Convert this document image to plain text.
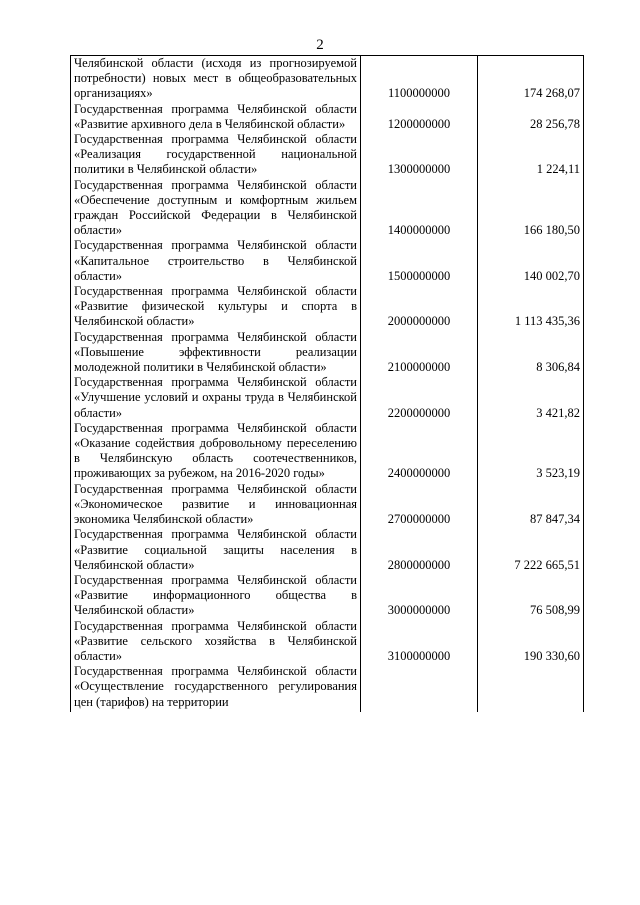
2
Челябинской области (исходя из прогнозируемой потребности) новых мест в общеобразовательных организациях»	1100000000	174 268,07
Государственная программа Челябинской области «Развитие архивного дела в Челябинской области»	1200000000	28 256,78
Государственная программа Челябинской области «Реализация государственной национальной политики в Челябинской области»	1300000000	1 224,11
Государственная программа Челябинской области «Обеспечение доступным и комфортным жильем граждан Российской Федерации в Челябинской области»	1400000000	166 180,50
Государственная программа Челябинской области «Капитальное строительство в Челябинской области»	1500000000	140 002,70
Государственная программа Челябинской области «Развитие физической культуры и спорта в Челябинской области»	2000000000	1 113 435,36
Государственная программа Челябинской области «Повышение эффективности реализации молодежной политики в Челябинской области»	2100000000	8 306,84
Государственная программа Челябинской области «Улучшение условий и охраны труда в Челябинской области»	2200000000	3 421,82
Государственная программа Челябинской области «Оказание содействия добровольному переселению в Челябинскую область соотечественников, проживающих за рубежом, на 2016-2020 годы»	2400000000	3 523,19
Государственная программа Челябинской области «Экономическое развитие и инновационная экономика Челябинской области»	2700000000	87 847,34
Государственная программа Челябинской области «Развитие социальной защиты населения в Челябинской области»	2800000000	7 222 665,51
Государственная программа Челябинской области «Развитие информационного общества в Челябинской области»	3000000000	76 508,99
Государственная программа Челябинской области «Развитие сельского хозяйства в Челябинской области»	3100000000	190 330,60
Государственная программа Челябинской области «Осуществление государственного регулирования цен (тарифов) на территории		
